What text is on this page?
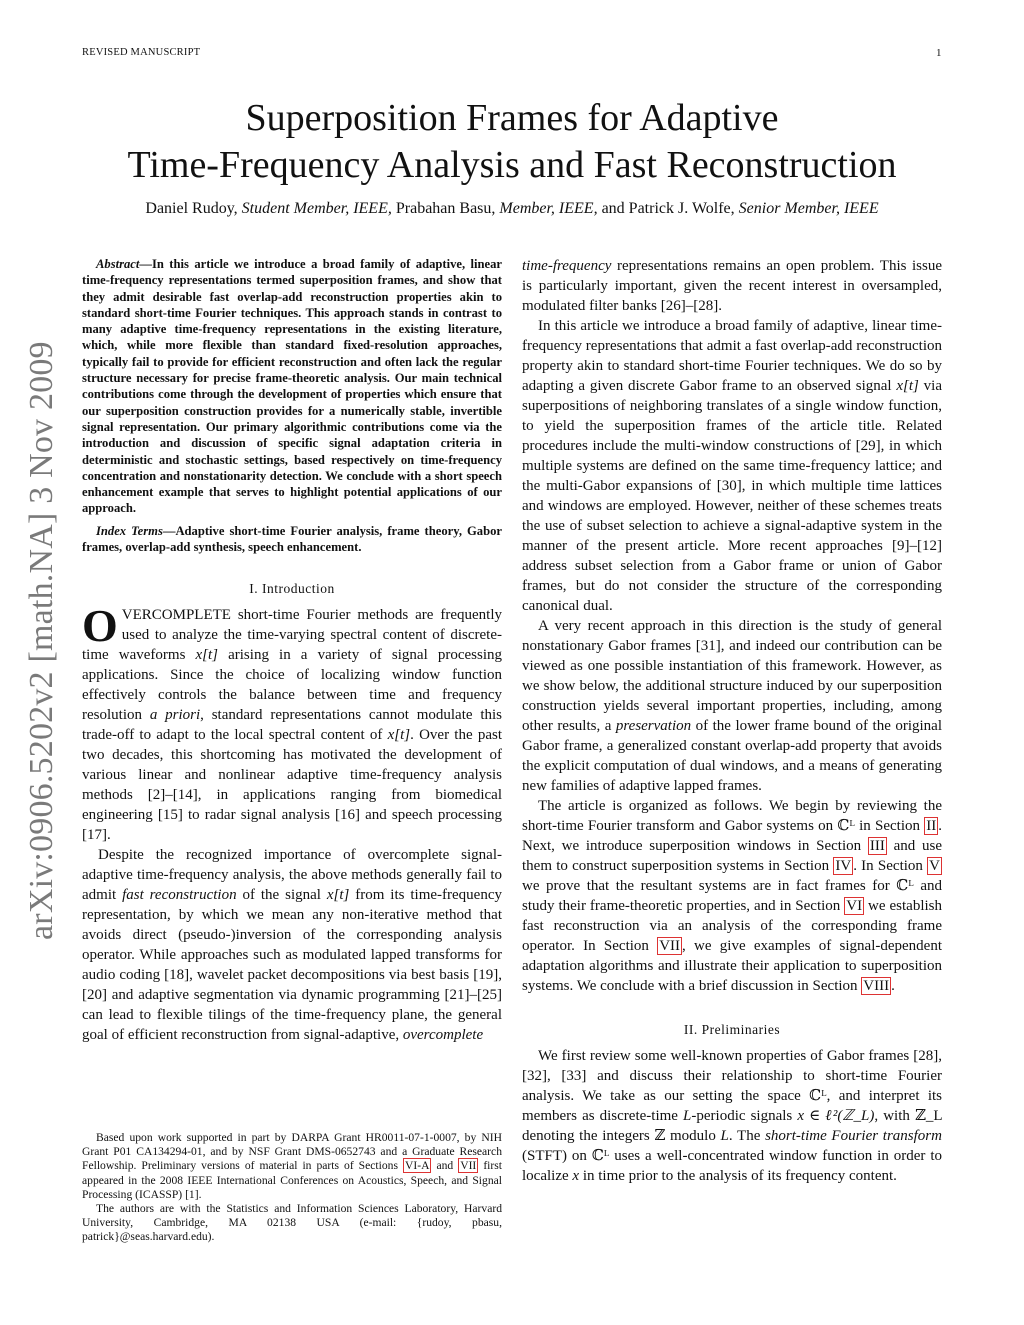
REVISED MANUSCRIPT	1
Superposition Frames for Adaptive
Time-Frequency Analysis and Fast Reconstruction
Daniel Rudoy, Student Member, IEEE, Prabahan Basu, Member, IEEE, and Patrick J. Wolfe, Senior Member, IEEE
arXiv:0906.5202v2 [math.NA] 3 Nov 2009

Abstract—In this article we introduce a broad family of adaptive, linear time-frequency representations termed superposition frames, and show that they admit desirable fast overlap-add reconstruction properties akin to standard short-time Fourier techniques. This approach stands in contrast to many adaptive time-frequency representations in the existing literature, which, while more flexible than standard fixed-resolution approaches, typically fail to provide for efficient reconstruction and often lack the regular structure necessary for precise frame-theoretic analysis. Our main technical contributions come through the development of properties which ensure that our superposition construction provides for a numerically stable, invertible signal representation. Our primary algorithmic contributions come via the introduction and discussion of specific signal adaptation criteria in deterministic and stochastic settings, based respectively on time-frequency concentration and nonstationarity detection. We conclude with a short speech enhancement example that serves to highlight potential applications of our approach.

Index Terms—Adaptive short-time Fourier analysis, frame theory, Gabor frames, overlap-add synthesis, speech enhancement.

I. Introduction

OVERCOMPLETE short-time Fourier methods are frequently used to analyze the time-varying spectral content of discrete-time waveforms x[t] arising in a variety of signal processing applications. Since the choice of localizing window function effectively controls the balance between time and frequency resolution a priori, standard representations cannot modulate this trade-off to adapt to the local spectral content of x[t]. Over the past two decades, this shortcoming has motivated the development of various linear and nonlinear adaptive time-frequency analysis methods [2]–[14], in applications ranging from biomedical engineering [15] to radar signal analysis [16] and speech processing [17].

Despite the recognized importance of overcomplete signal-adaptive time-frequency analysis, the above methods generally fail to admit fast reconstruction of the signal x[t] from its time-frequency representation, by which we mean any non-iterative method that avoids direct (pseudo-)inversion of the corresponding analysis operator. While approaches such as modulated lapped transforms for audio coding [18], wavelet packet decompositions via best basis [19], [20] and adaptive segmentation via dynamic programming [21]–[25] can lead to flexible tilings of the time-frequency plane, the general goal of efficient reconstruction from signal-adaptive, overcomplete

Based upon work supported in part by DARPA Grant HR0011-07-1-0007, by NIH Grant P01 CA134294-01, and by NSF Grant DMS-0652743 and a Graduate Research Fellowship. Preliminary versions of material in parts of Sections VI-A and VII first appeared in the 2008 IEEE International Conferences on Acoustics, Speech, and Signal Processing (ICASSP) [1].

The authors are with the Statistics and Information Sciences Laboratory, Harvard University, Cambridge, MA 02138 USA (e-mail: {rudoy, pbasu, patrick}@seas.harvard.edu).

time-frequency representations remains an open problem. This issue is particularly important, given the recent interest in oversampled, modulated filter banks [26]–[28].

In this article we introduce a broad family of adaptive, linear time-frequency representations that admit a fast overlap-add reconstruction property akin to standard short-time Fourier techniques. We do so by adapting a given discrete Gabor frame to an observed signal x[t] via superpositions of neighboring translates of a single window function, to yield the superposition frames of the article title. Related procedures include the multi-window constructions of [29], in which multiple systems are defined on the same time-frequency lattice; and the multi-Gabor expansions of [30], in which multiple time lattices and windows are employed. However, neither of these schemes treats the use of subset selection to achieve a signal-adaptive system in the manner of the present article. More recent approaches [9]–[12] address subset selection from a Gabor frame or union of Gabor frames, but do not consider the structure of the corresponding canonical dual.

A very recent approach in this direction is the study of general nonstationary Gabor frames [31], and indeed our contribution can be viewed as one possible instantiation of this framework. However, as we show below, the additional structure induced by our superposition construction yields several important properties, including, among other results, a preservation of the lower frame bound of the original Gabor frame, a generalized constant overlap-add property that avoids the explicit computation of dual windows, and a means of generating new families of adaptive lapped frames.

The article is organized as follows. We begin by reviewing the short-time Fourier transform and Gabor systems on ℂᴸ in Section II . Next, we introduce superposition windows in Section III and use them to construct superposition systems in Section IV . In Section V we prove that the resultant systems are in fact frames for ℂᴸ and study their frame-theoretic properties, and in Section VI we establish fast reconstruction via an analysis of the corresponding frame operator. In Section VII , we give examples of signal-dependent adaptation algorithms and illustrate their application to superposition systems. We conclude with a brief discussion in Section VIII .

II. Preliminaries

We first review some well-known properties of Gabor frames [28], [32], [33] and discuss their relationship to short-time Fourier analysis. We take as our setting the space ℂᴸ, and interpret its members as discrete-time L-periodic signals x ∈ ℓ²(ℤ_L), with ℤ_L denoting the integers ℤ modulo L. The short-time Fourier transform (STFT) on ℂᴸ uses a well-concentrated window function in order to localize x in time prior to the analysis of its frequency content.
